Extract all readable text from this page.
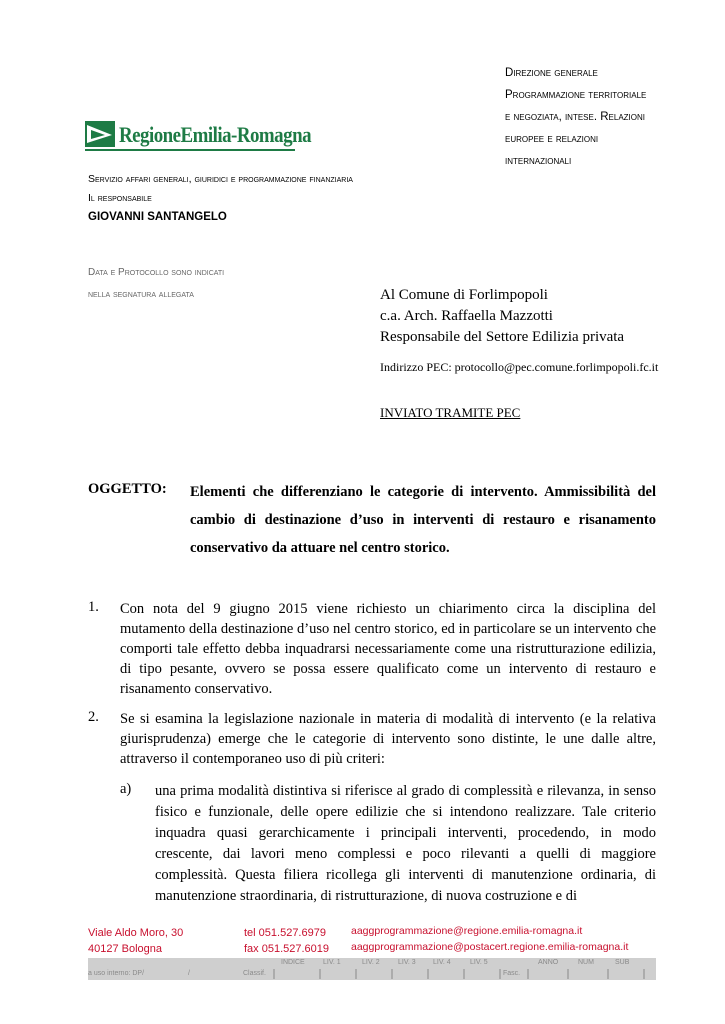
RegioneEmilia-Romagna
Direzione generale
Programmazione territoriale
e negoziata, intese. Relazioni
europee e relazioni
internazionali
Servizio affari generali, giuridici e programmazione finanziaria
Il responsabile
GIOVANNI SANTANGELO
Data e Protocollo sono indicati
nella segnatura allegata	Al Comune di Forlimpopoli
c.a. Arch. Raffaella Mazzotti
Responsabile del Settore Edilizia privata
Indirizzo PEC: protocollo@pec.comune.forlimpopoli.fc.it
INVIATO TRAMITE PEC
OGGETTO: Elementi che differenziano le categorie di intervento. Ammissibilità del cambio di destinazione d’uso in interventi di restauro e risanamento conservativo da attuare nel centro storico.
1. Con nota del 9 giugno 2015 viene richiesto un chiarimento circa la disciplina del mutamento della destinazione d’uso nel centro storico, ed in particolare se un intervento che comporti tale effetto debba inquadrarsi necessariamente come una ristrutturazione edilizia, di tipo pesante, ovvero se possa essere qualificato come un intervento di restauro e risanamento conservativo.
2. Se si esamina la legislazione nazionale in materia di modalità di intervento (e la relativa giurisprudenza) emerge che le categorie di intervento sono distinte, le une dalle altre, attraverso il contemporaneo uso di più criteri:
a) una prima modalità distintiva si riferisce al grado di complessità e rilevanza, in senso fisico e funzionale, delle opere edilizie che si intendono realizzare. Tale criterio inquadra quasi gerarchicamente i principali interventi, procedendo, in modo crescente, dai lavori meno complessi e poco rilevanti a quelli di maggiore complessità. Questa filiera ricollega gli interventi di manutenzione ordinaria, di manutenzione straordinaria, di ristrutturazione, di nuova costruzione e di
Viale Aldo Moro, 30
40127 Bologna
tel 051.527.6979
fax 051.527.6019
aaggprogrammazione@regione.emilia-romagna.it
aaggprogrammazione@postacert.regione.emilia-romagna.it
INDICE	LIV. 1	LIV. 2	LIV. 3 LIV. 4	LIV. 5	ANNO	NUM	SUB
a uso interno: DP/	/	Classif.	Fasc.
